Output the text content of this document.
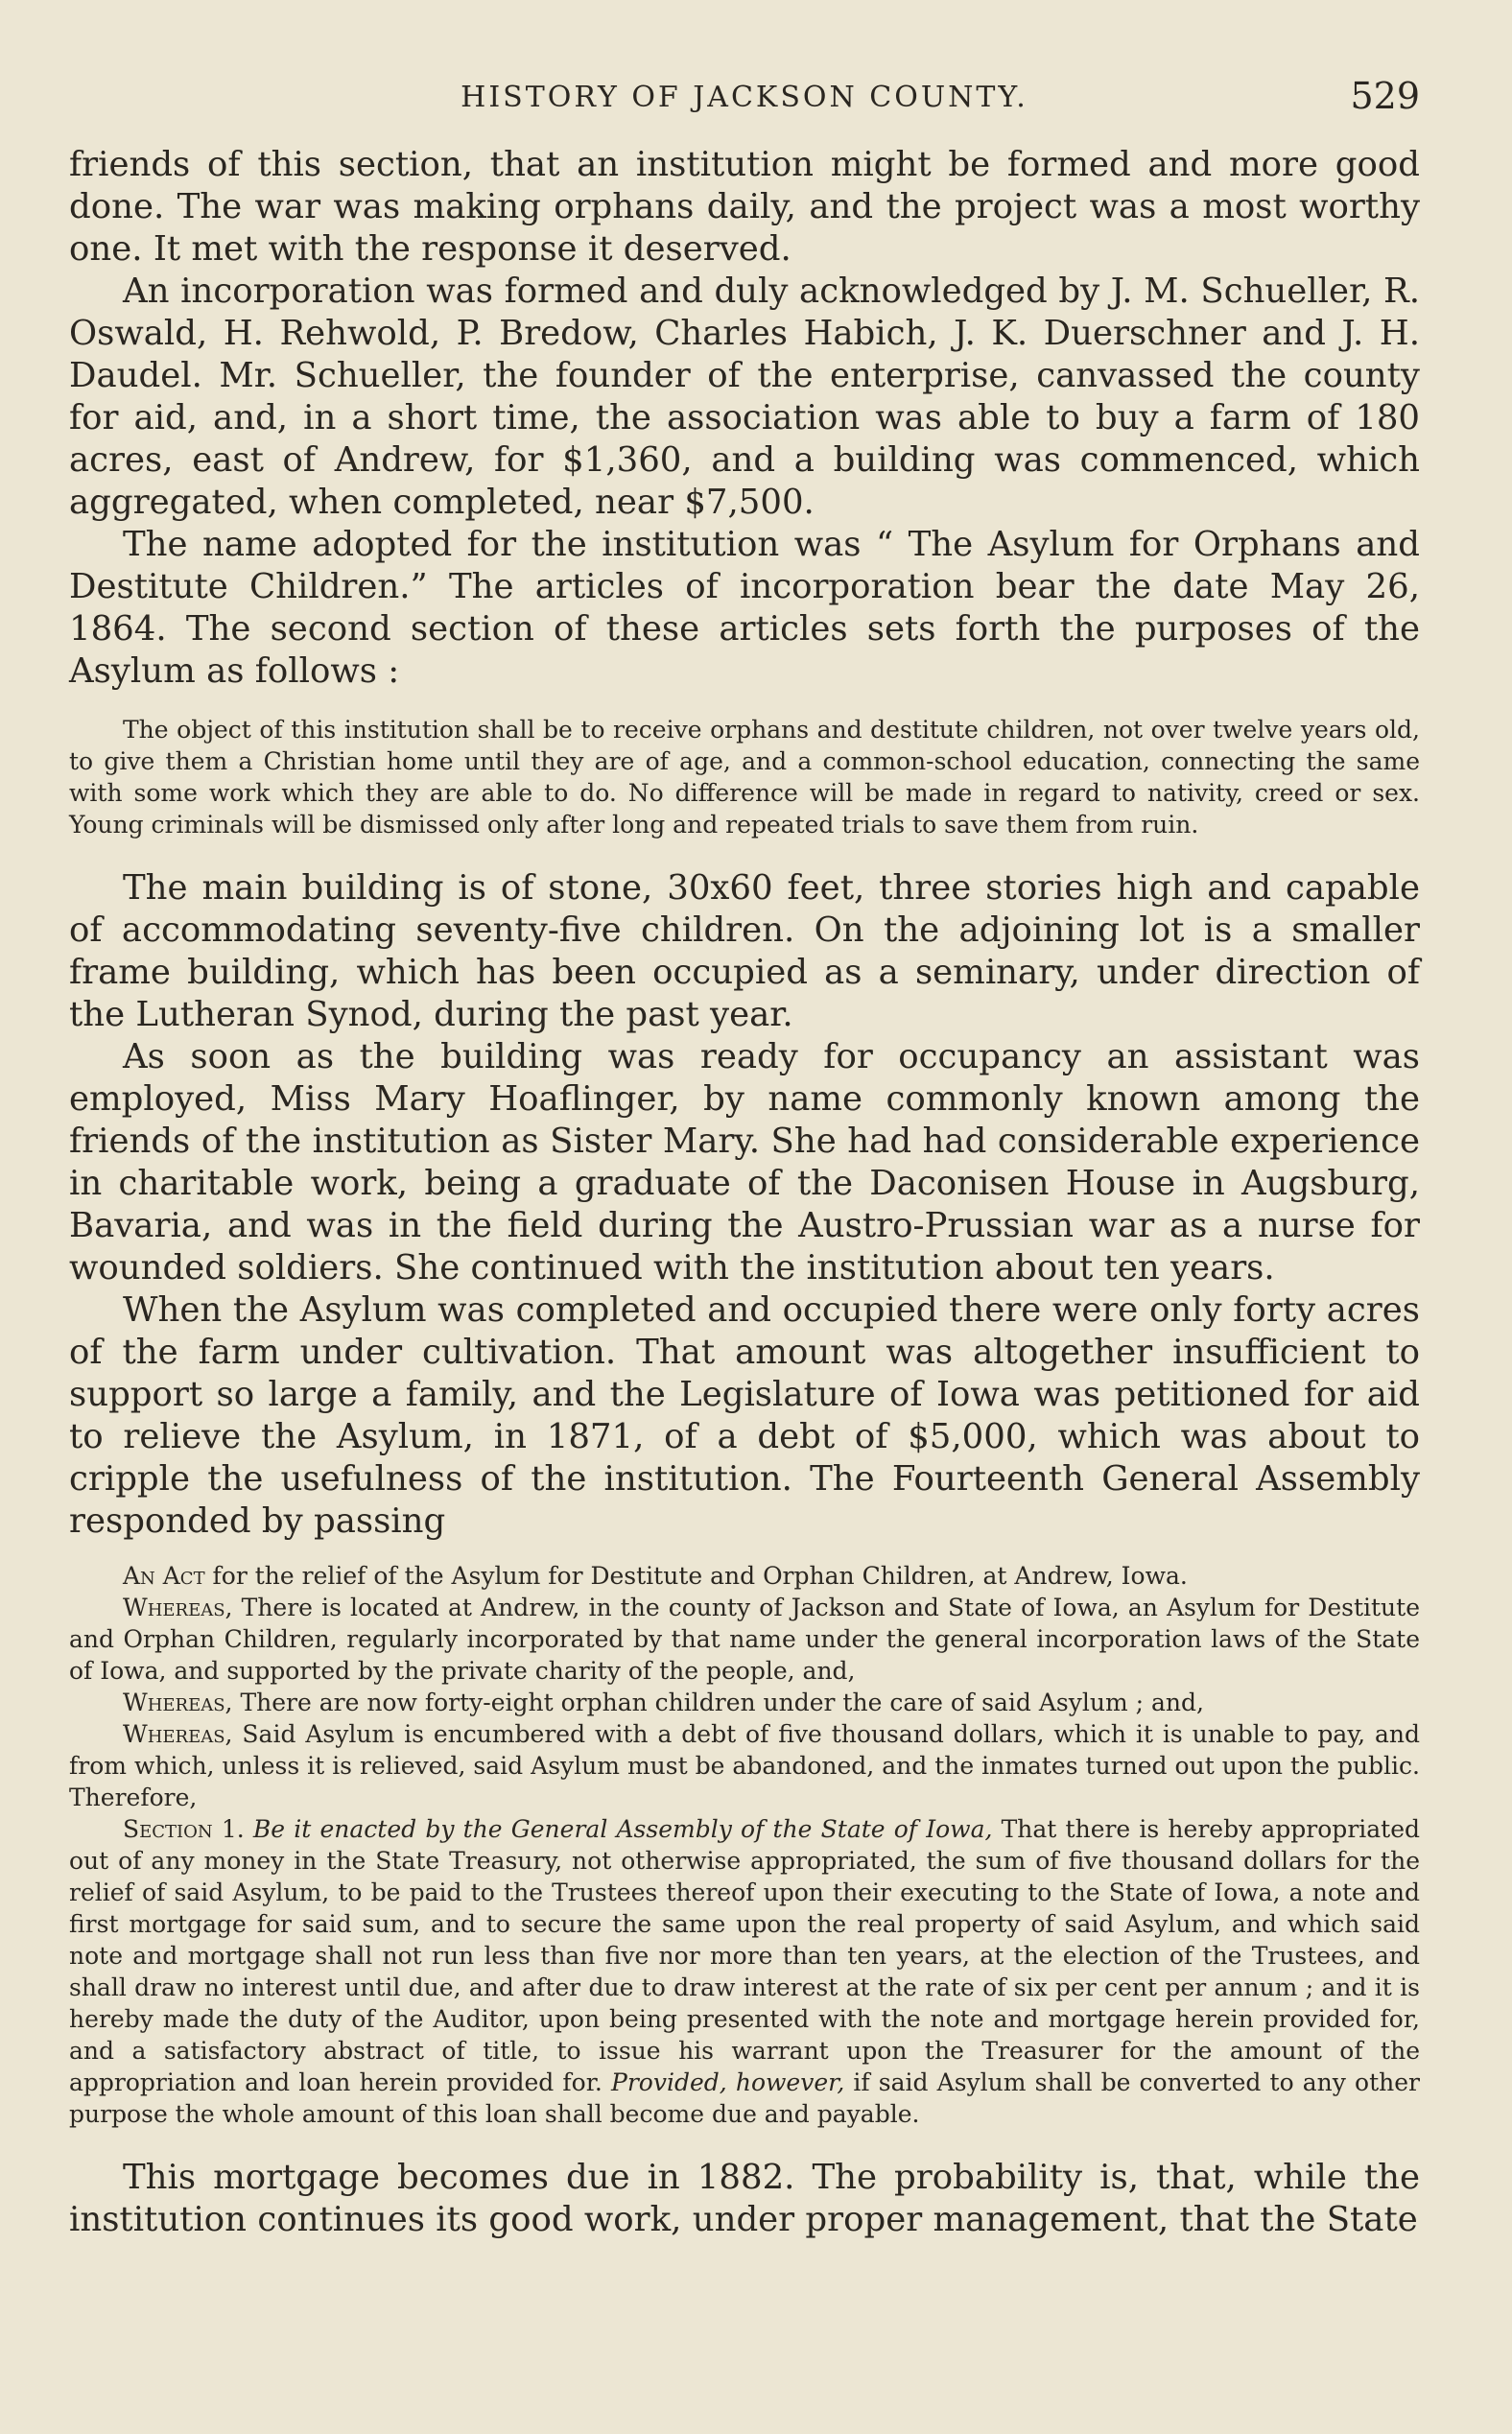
HISTORY OF JACKSON COUNTY.	529

friends of this section, that an institution might be formed and more good done. The war was making orphans daily, and the project was a most worthy one. It met with the response it deserved.

An incorporation was formed and duly acknowledged by J. M. Schueller, R. Oswald, H. Rehwold, P. Bredow, Charles Habich, J. K. Duerschner and J. H. Daudel. Mr. Schueller, the founder of the enterprise, canvassed the county for aid, and, in a short time, the association was able to buy a farm of 180 acres, east of Andrew, for $1,360, and a building was commenced, which aggregated, when completed, near $7,500.

The name adopted for the institution was “ The Asylum for Orphans and Destitute Children.” The articles of incorporation bear the date May 26, 1864. The second section of these articles sets forth the purposes of the Asylum as follows :

The object of this institution shall be to receive orphans and destitute children, not over twelve years old, to give them a Christian home until they are of age, and a common-school education, connecting the same with some work which they are able to do. No difference will be made in regard to nativity, creed or sex. Young criminals will be dismissed only after long and repeated trials to save them from ruin.

The main building is of stone, 30x60 feet, three stories high and capable of accommodating seventy-five children. On the adjoining lot is a smaller frame building, which has been occupied as a seminary, under direction of the Lutheran Synod, during the past year.

As soon as the building was ready for occupancy an assistant was employed, Miss Mary Hoaflinger, by name commonly known among the friends of the institution as Sister Mary. She had had considerable experience in charitable work, being a graduate of the Daconisen House in Augsburg, Bavaria, and was in the field during the Austro-Prussian war as a nurse for wounded soldiers. She continued with the institution about ten years.

When the Asylum was completed and occupied there were only forty acres of the farm under cultivation. That amount was altogether insufficient to support so large a family, and the Legislature of Iowa was petitioned for aid to relieve the Asylum, in 1871, of a debt of $5,000, which was about to cripple the usefulness of the institution. The Fourteenth General Assembly responded by passing

An Act for the relief of the Asylum for Destitute and Orphan Children, at Andrew, Iowa.

Whereas, There is located at Andrew, in the county of Jackson and State of Iowa, an Asylum for Destitute and Orphan Children, regularly incorporated by that name under the general incorporation laws of the State of Iowa, and supported by the private charity of the people, and,

Whereas, There are now forty-eight orphan children under the care of said Asylum ; and,

Whereas, Said Asylum is encumbered with a debt of five thousand dollars, which it is unable to pay, and from which, unless it is relieved, said Asylum must be abandoned, and the inmates turned out upon the public. Therefore,

Section 1. Be it enacted by the General Assembly of the State of Iowa, That there is hereby appropriated out of any money in the State Treasury, not otherwise appropriated, the sum of five thousand dollars for the relief of said Asylum, to be paid to the Trustees thereof upon their executing to the State of Iowa, a note and first mortgage for said sum, and to secure the same upon the real property of said Asylum, and which said note and mortgage shall not run less than five nor more than ten years, at the election of the Trustees, and shall draw no interest until due, and after due to draw interest at the rate of six per cent per annum ; and it is hereby made the duty of the Auditor, upon being presented with the note and mortgage herein provided for, and a satisfactory abstract of title, to issue his warrant upon the Treasurer for the amount of the appropriation and loan herein provided for. Provided, however, if said Asylum shall be converted to any other purpose the whole amount of this loan shall become due and payable.

This mortgage becomes due in 1882. The probability is, that, while the institution continues its good work, under proper management, that the State
